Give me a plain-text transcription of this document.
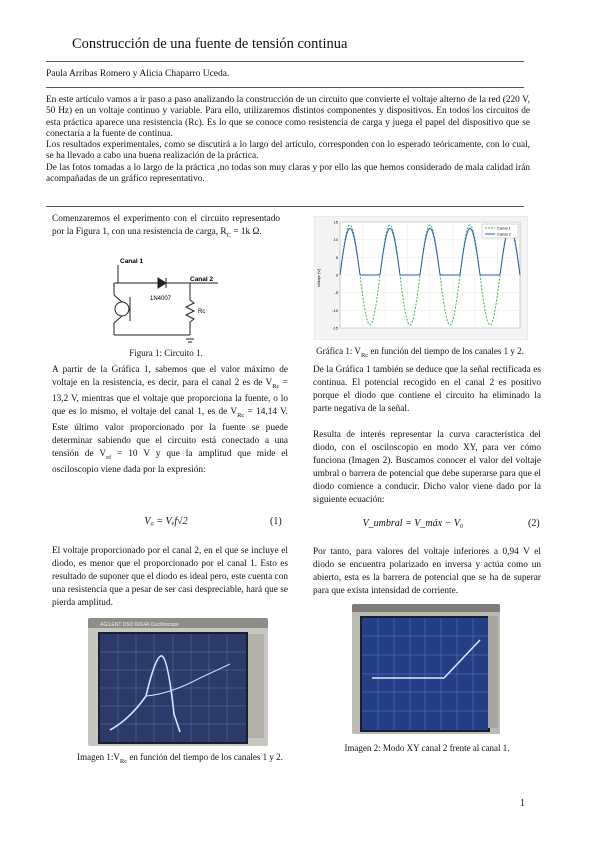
Construcción de una fuente de tensión continua
Paula Arribas Romero y Alicia Chaparro Uceda.

En este artículo vamos a ir paso a paso analizando la construcción de un circuito que convierte el voltaje alterno de la red (220 V, 50 Hz) en un voltaje continuo y variable. Para ello, utilizaremos distintos componentes y dispositivos. En todos los circuitos de esta práctica aparece una resistencia (Rc). Es lo que se conoce como resistencia de carga y juega el papel del dispositivo que se conectaría a la fuente de continua.

Los resultados experimentales, como se discutirá a lo largo del artículo, corresponden con lo esperado teóricamente, con lo cual, se ha llevado a cabo una buena realización de la práctica.

De las fotos tomadas a lo largo de la práctica ,no todas son muy claras y por ello las que hemos considerado de mala calidad irán acompañadas de un gráfico representativo.

Comenzaremos el experimento con el circuito representado por la Figura 1, con una resistencia de carga, $R_C = 1k$ Ω.

Canal 1
Canal 2
1N4007
Rc
Figura 1: Circuito 1.

A partir de la Gráfica 1, sabemos que el valor máximo de voltaje en la resistencia, es decir, para el canal 2 es de $V_{Rc} = 13,2$ V, mientras que el voltaje que proporciona la fuente, o lo que es lo mismo, el voltaje del canal 1, es de $V_{Rc} = 14,14$ V. Este último valor proporcionado por la fuente se puede determinar sabiendo que el circuito está conectado a una tensión de $V_{ef} = 10$ V y que la amplitud que mide el osciloscopio viene dada por la expresión:

V₀ = Vₑf√2	(1)

El voltaje proporcionado por el canal 2, en el que se incluye el diodo, es menor que el proporcionado por el canal 1. Esto es resultado de suponer que el diodo es ideal pero, este cuenta con una resistencia que a pesar de ser casi despreciable, hará que se pierda amplitud.

AGILENT DSO 6014A Oscilloscope
Imagen $1:V_{Rc}$ en función del tiempo de los canales 1 y 2.
15
10
5
0
-5
-10
-15
Voltaje (V)
Canal 1
Canal 2
Gráfica 1: $V_{Rc}$ en función del tiempo de los canales 1 y 2.

De la Gráfica 1 también se deduce que la señal rectificada es continua. El potencial recogido en el canal 2 es positivo porque el diodo que contiene el circuito ha eliminado la parte negativa de la señal.

Resulta de interés representar la curva característica del diodo, con el osciloscopio en modo XY, para ver cómo funciona (Imagen 2). Buscamos conocer el valor del voltaje umbral o barrera de potencial que debe superarse para que el diodo comience a conducir. Dicho valor viene dado por la siguiente ecuación:

V_umbral = V_máx − V₀	(2)

Por tanto, para valores del voltaje inferiores a 0,94 V el diodo se encuentra polarizado en inversa y actúa como un abierto, esta es la barrera de potencial que se ha de superar para que exista intensidad de corriente.

Imagen 2: Modo XY canal 2 frente al canal 1.
1
